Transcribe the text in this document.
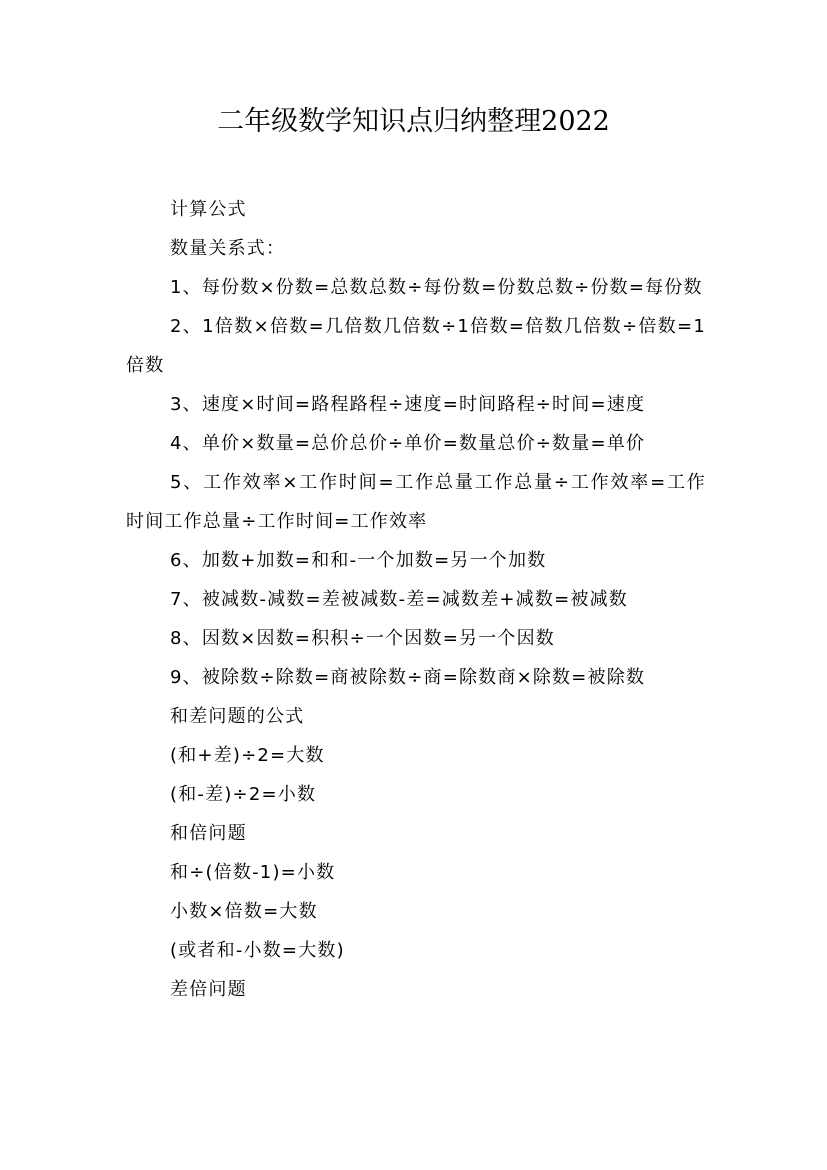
二年级数学知识点归纳整理2022

计算公式

数量关系式：

1、每份数×份数=总数总数÷每份数=份数总数÷份数=每份数

2、1倍数×倍数=几倍数几倍数÷1倍数=倍数几倍数÷倍数=1倍数

3、速度×时间=路程路程÷速度=时间路程÷时间=速度

4、单价×数量=总价总价÷单价=数量总价÷数量=单价

5、工作效率×工作时间=工作总量工作总量÷工作效率=工作时间工作总量÷工作时间=工作效率

6、加数+加数=和和-一个加数=另一个加数

7、被减数-减数=差被减数-差=减数差+减数=被减数

8、因数×因数=积积÷一个因数=另一个因数

9、被除数÷除数=商被除数÷商=除数商×除数=被除数

和差问题的公式

(和+差)÷2=大数

(和-差)÷2=小数

和倍问题

和÷(倍数-1)=小数

小数×倍数=大数

(或者和-小数=大数)

差倍问题
